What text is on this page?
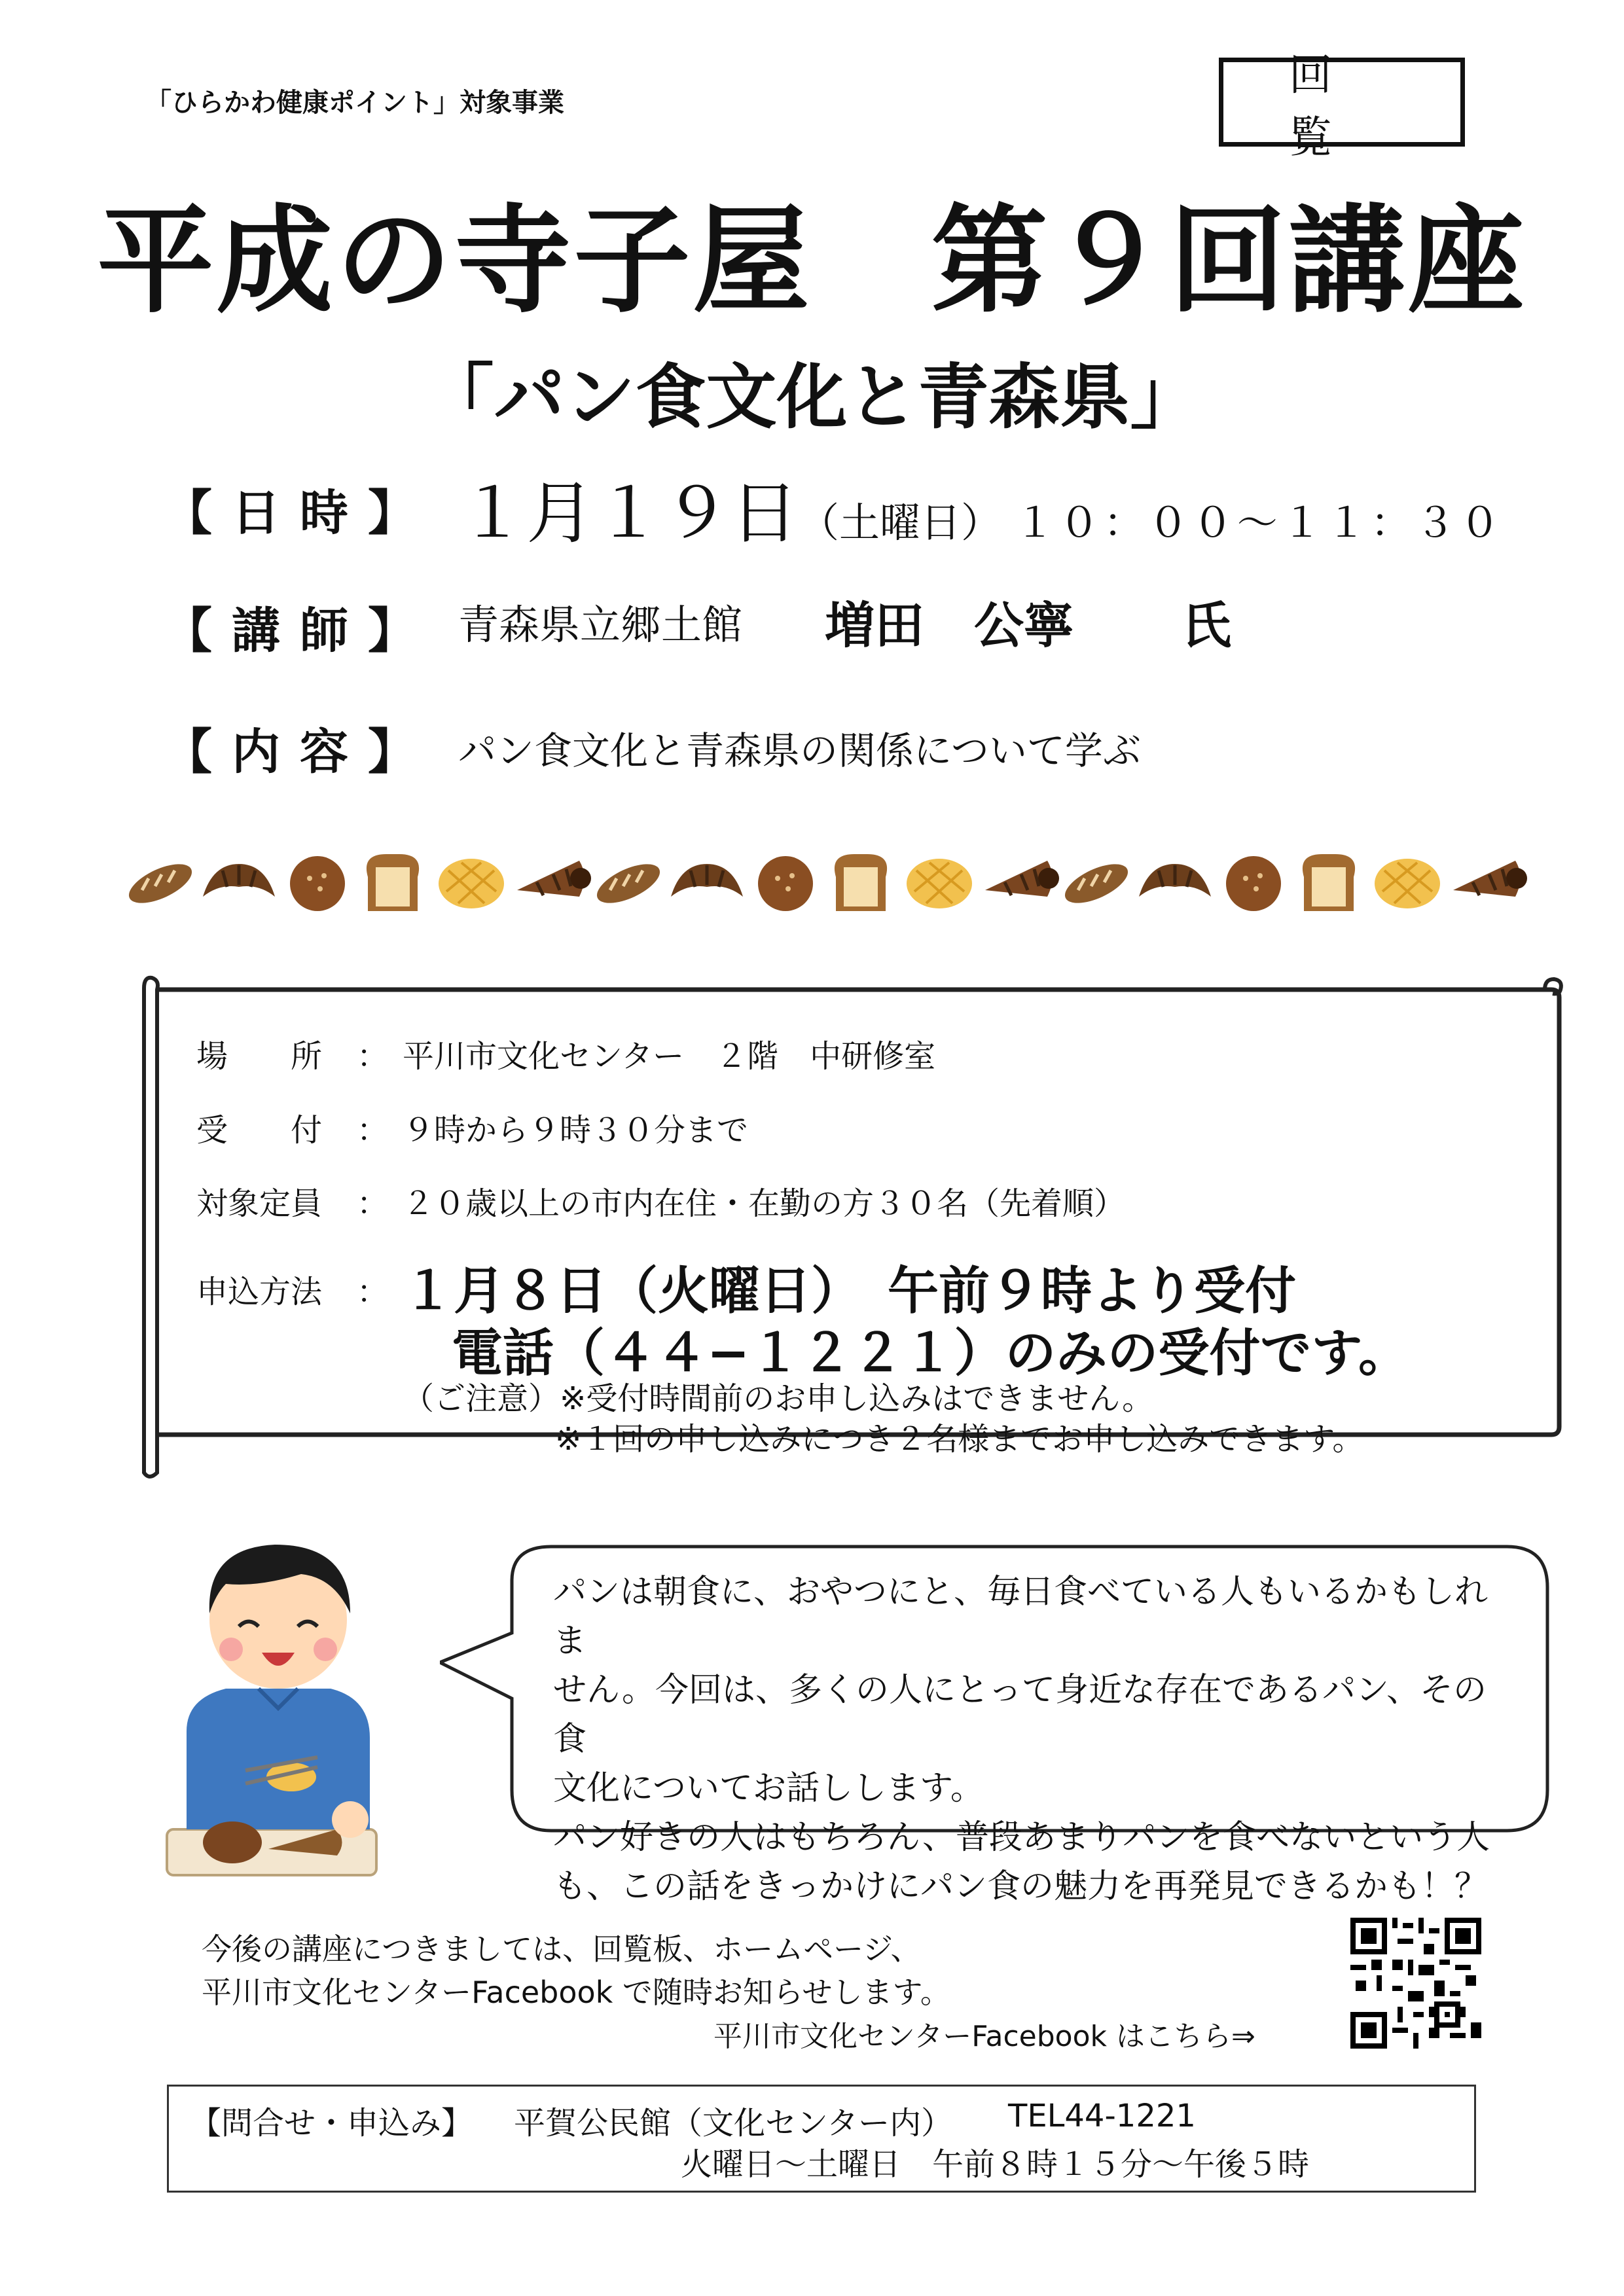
「ひらかわ健康ポイント」対象事業
回覧
平成の寺子屋　第９回講座
「パン食文化と青森県」
【日時】 １月１９日（土曜日） １０：００〜１１：３０
【講師】 青森県立郷土館 増田　公寧 氏
【内容】 パン食文化と青森県の関係について学ぶ
場　　所 ： 平川市文化センター　２階　中研修室
受　　付 ： ９時から９時３０分まで
対象定員 ： ２０歳以上の市内在住・在勤の方３０名（先着順）
申込方法 ： １月８日（火曜日）　午前９時より受付
電話（４４−１２２１）のみの受付です。
（ご注意）※受付時間前のお申し込みはできません。
※１回の申し込みにつき２名様までお申し込みできます。
パンは朝食に、おやつにと、毎日食べている人もいるかもしれま
せん。今回は、多くの人にとって身近な存在であるパン、その食
文化についてお話しします。
パン好きの人はもちろん、普段あまりパンを食べないという人
も、この話をきっかけにパン食の魅力を再発見できるかも！？
今後の講座につきましては、回覧板、ホームページ、
平川市文化センターFacebook で随時お知らせします。
平川市文化センターFacebook はこちら⇒
【問合せ・申込み】 平賀公民館（文化センター内） TEL44-1221
火曜日〜土曜日　午前８時１５分〜午後５時
